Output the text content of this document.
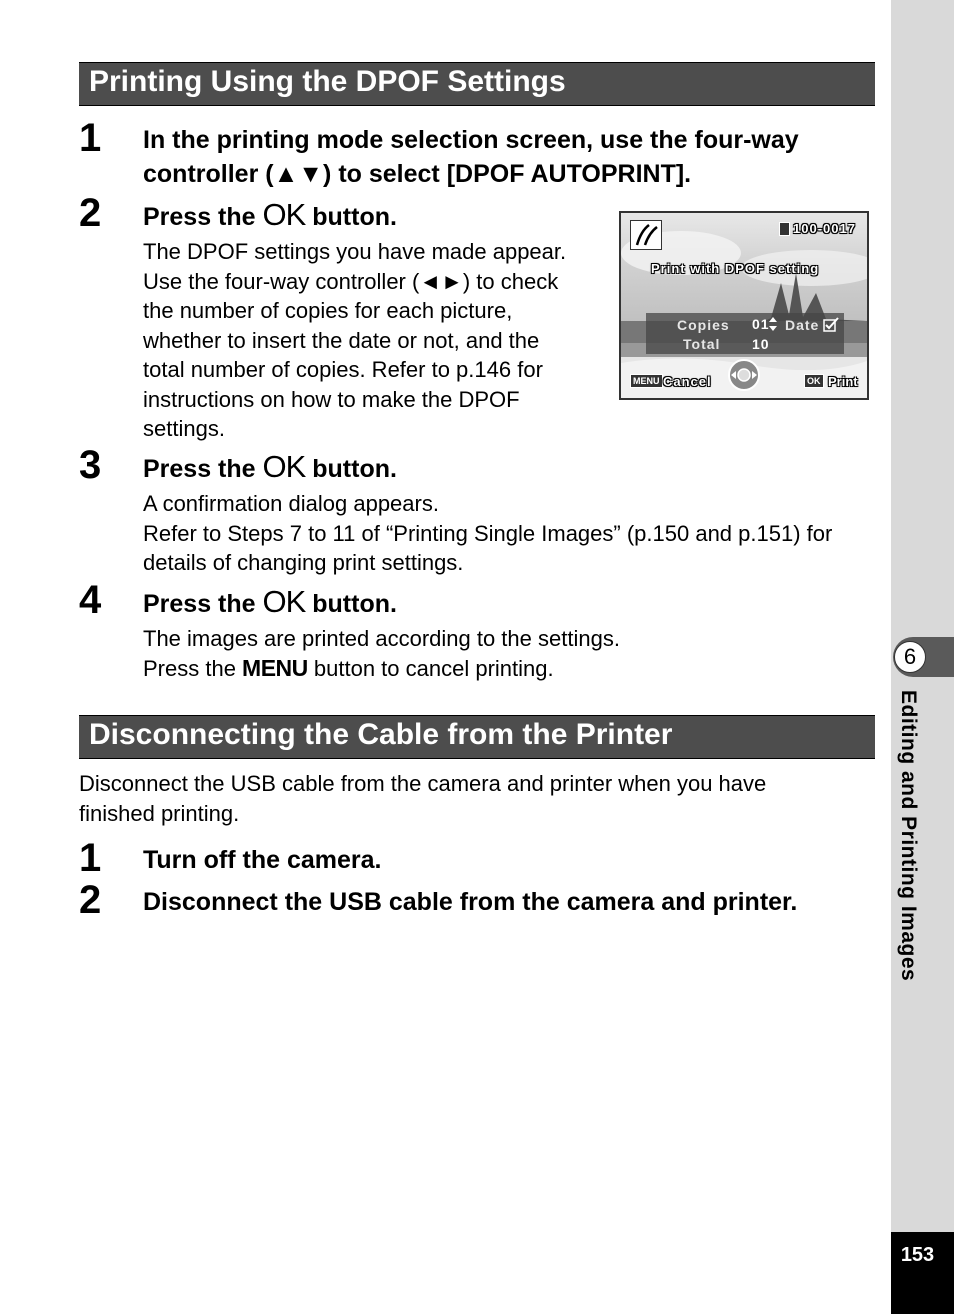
6
Editing and Printing Images
153
Printing Using the DPOF Settings
1 In the printing mode selection screen, use the four-way
controller (▲▼) to select [DPOF AUTOPRINT].
2 Press the OK button.
The DPOF settings you have made appear.
Use the four-way controller (◄►) to check
the number of copies for each picture,
whether to insert the date or not, and the
total number of copies. Refer to p.146 for
instructions on how to make the DPOF
settings.
100-0017
Print with DPOF setting
Copies 01 Date
Total 10
MENU Cancel	OK Print
3 Press the OK button.
A confirmation dialog appears.
Refer to Steps 7 to 11 of “Printing Single Images” (p.150 and p.151) for
details of changing print settings.
4 Press the OK button.
The images are printed according to the settings.
Press the MENU button to cancel printing.
Disconnecting the Cable from the Printer
Disconnect the USB cable from the camera and printer when you have
finished printing.
1 Turn off the camera.
2 Disconnect the USB cable from the camera and printer.
